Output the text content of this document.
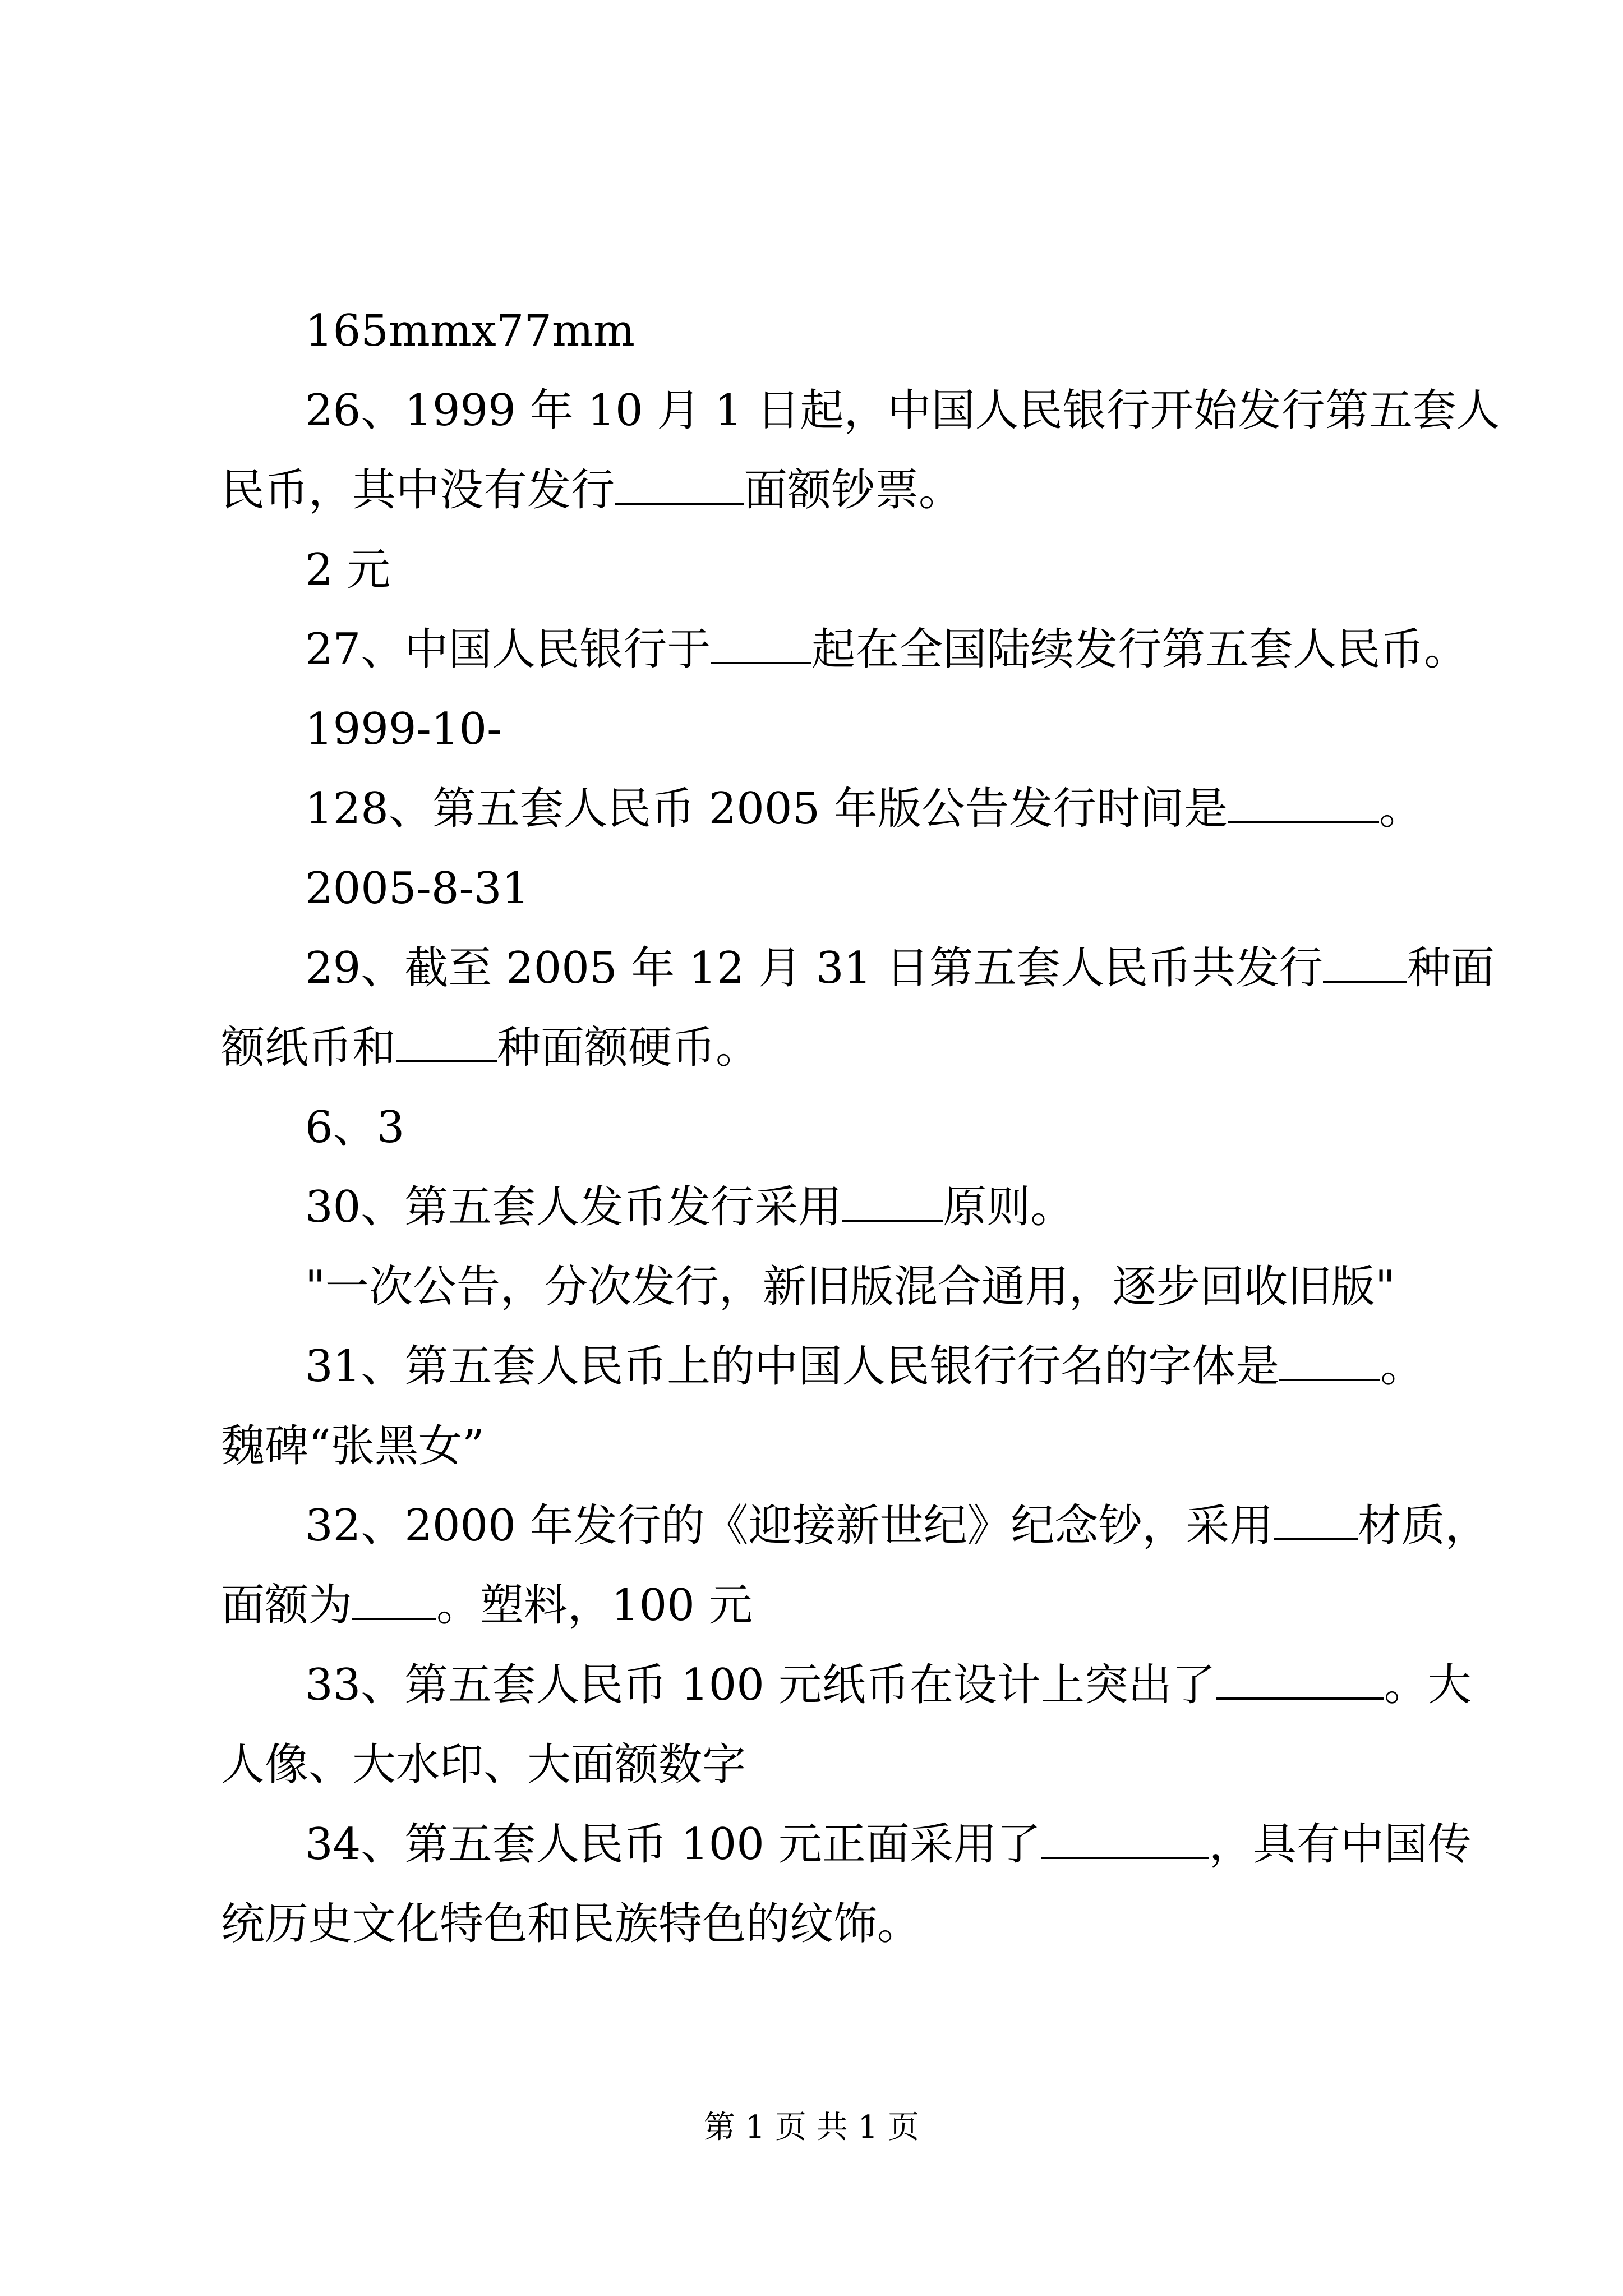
165mmx77mm
26、1999 年 10 月 1 日起，中国人民银行开始发行第五套人
民币，其中没有发行	面额钞票。
2 元
27、中国人民银行于 起在全国陆续发行第五套人民币。
1999-10-
128、第五套人民币 2005 年版公告发行时间是	。
2005-8-31
29、截至 2005 年 12 月 31 日第五套人民币共发行 种面
额纸币和 种面额硬币。
6、3
30、第五套人发币发行采用 原则。
"一次公告，分次发行，新旧版混合通用，逐步回收旧版"
31、第五套人民币上的中国人民银行行名的字体是 。
魏碑“张黑女”
32、2000 年发行的《迎接新世纪》纪念钞，采用 材质，
面额为 。塑料，100 元
33、第五套人民币 100 元纸币在设计上突出了	。大
人像、大水印、大面额数字
34、第五套人民币 100 元正面采用了	，具有中国传
统历史文化特色和民族特色的纹饰。
第 1 页 共 1 页
